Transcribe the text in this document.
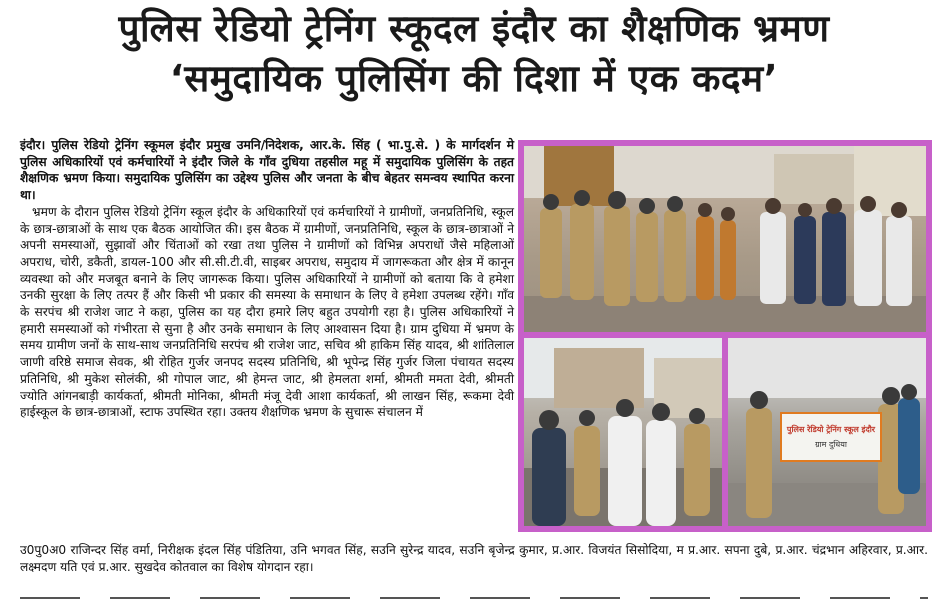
पुलिस रेडियो ट्रेनिंग स्कूदल इंदौर का शैक्षणिक भ्रमण
‘समुदायिक पुलिसिंग की दिशा में एक कदम’

इंदौर। पुलिस रेडियो ट्रेनिंग स्कूमल इंदौर प्रमुख उमनि/निदेशक, आर.के. सिंह ( भा.पु.से. ) के मार्गदर्शन मे पुलिस अधिकारियों एवं कर्मचारियों ने इंदौर जिले के गाँव दुधिया तहसील महू में समुदायिक पुलिसिंग के तहत शैक्षणिक भ्रमण किया। समुदायिक पुलिसिंग का उद्देश्य पुलिस और जनता के बीच बेहतर समन्वय स्थापित करना था।

भ्रमण के दौरान पुलिस रेडियो ट्रेनिंग स्कूल इंदौर के अधिकारियों एवं कर्मचारियों ने ग्रामीणों, जनप्रतिनिधि, स्कूल के छात्र-छात्राओं के साथ एक बैठक आयोजित की। इस बैठक में ग्रामीणों, जनप्रतिनिधि, स्कूल के छात्र-छात्राओं ने अपनी समस्याओं, सुझावों और चिंताओं को रखा तथा पुलिस ने ग्रामीणों को विभिन्न अपराधों जैसे महिलाओं अपराध, चोरी, डकैती, डायल-100 और सी.सी.टी.वी, साइबर अपराध, समुदाय में जागरूकता और क्षेत्र में कानून व्यवस्था को और मजबूत बनाने के लिए जागरूक किया। पुलिस अधिकारियों ने ग्रामीणों को बताया कि वे हमेशा उनकी सुरक्षा के लिए तत्पर हैं और किसी भी प्रकार की समस्या के समाधान के लिए वे हमेशा उपलब्ध रहेंगे। गाँव के सरपंच श्री राजेश जाट ने कहा, पुलिस का यह दौरा हमारे लिए बहुत उपयोगी रहा है। पुलिस अधिकारियों ने हमारी समस्याओं को गंभीरता से सुना है और उनके समाधान के लिए आश्वासन दिया है। ग्राम दुधिया में भ्रमण के समय ग्रामीण जनों के साथ-साथ जनप्रतिनिधि सरपंच श्री राजेश जाट, सचिव श्री हाकिम सिंह यादव, श्री शांतिलाल जाणी वरिष्ठे समाज सेवक, श्री रोहित गुर्जर जनपद सदस्य प्रतिनिधि, श्री भूपेन्द्र सिंह गुर्जर जिला पंचायत सदस्य प्रतिनिधि, श्री मुकेश सोलंकी, श्री गोपाल जाट, श्री हेमन्त जाट, श्री हेमलता शर्मा, श्रीमती ममता देवी, श्रीमती ज्योति आंगनबाड़ी कार्यकर्ता, श्रीमती मोनिका, श्रीमती मंजू देवी आशा कार्यकर्ता, श्री लाखन सिंह, रूकमा देवी हाईस्कूल के छात्र-छात्राओं, स्टाफ उपस्थित रहा। उक्तय शैक्षणिक भ्रमण के सुचारू संचालन में

पुलिस रेडियो ट्रेनिंग स्कूल इंदौर
ग्राम दुधिया
उ0पु0अ0 राजिन्दर सिंह वर्मा, निरीक्षक इंदल सिंह पंडितिया, उनि भगवत सिंह, सउनि सुरेन्द्र यादव, सउनि बृजेन्द्र कुमार, प्र.आर. विजयंत सिसोदिया, म प्र.आर. सपना दुबे, प्र.आर. चंद्रभान अहिरवार, प्र.आर. लक्ष्मदण यति एवं प्र.आर. सुखदेव कोतवाल का विशेष योगदान रहा।
